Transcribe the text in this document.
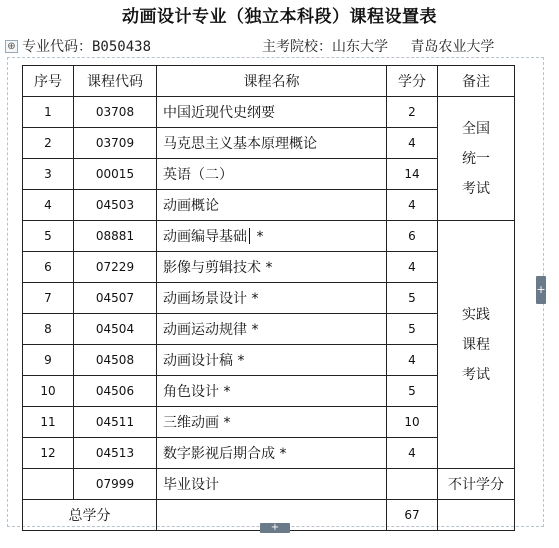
动画设计专业（独立本科段）课程设置表
⊕ 专业代码：B050438	主考院校：山东大学　 青岛农业大学
序号	课程代码	课程名称	学分	备注
1	03708	中国近现代史纲要	2	全国
统一
考试

2	03709	马克思主义基本原理概论	4	
3	00015	英语（二）	14	
4	04503	动画概论	4	
5	08881	动画编导基础 *	6	实践
课程
考试

6	07229	影像与剪辑技术 *	4	
7	04507	动画场景设计 *	5	
8	04504	动画运动规律 *	5	
9	04508	动画设计稿 *	4	
10	04506	角色设计 *	5	
11	04511	三维动画 *	10	
12	04513	数字影视后期合成 *	4	
	07999	毕业设计		不计学分
总学分			67	
+
+
